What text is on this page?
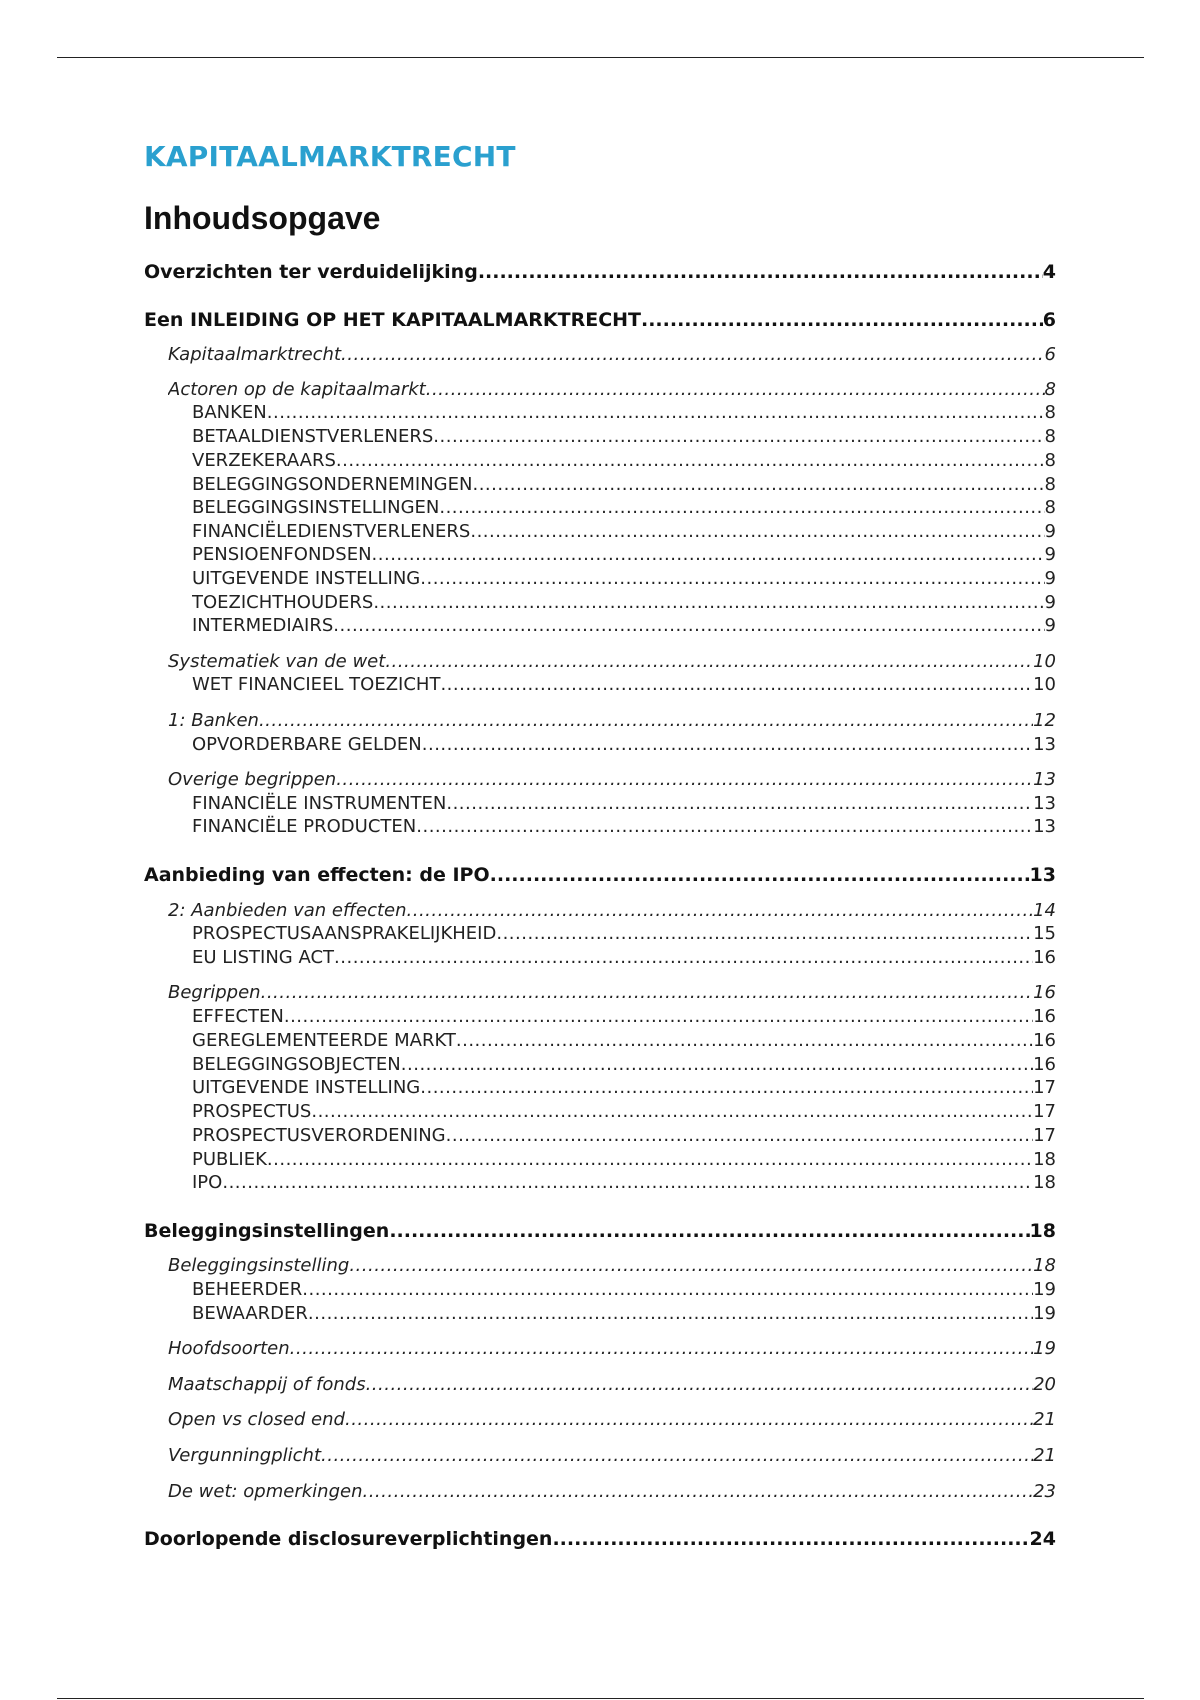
KAPITAALMARKTRECHT
Inhoudsopgave
Overzichten ter verduidelijking .....	4
Een INLEIDING OP HET KAPITAALMARKTRECHT .....	6
Kapitaalmarktrecht .....	6
Actoren op de kapitaalmarkt .....	8
BANKEN .....	8
BETAALDIENSTVERLENERS .....	8
VERZEKERAARS .....	8
BELEGGINGSONDERNEMINGEN .....	8
BELEGGINGSINSTELLINGEN .....	8
FINANCIËLEDIENSTVERLENERS .....	9
PENSIOENFONDSEN .....	9
UITGEVENDE INSTELLING .....	9
TOEZICHTHOUDERS .....	9
INTERMEDIAIRS .....	9
Systematiek van de wet .....	10
WET FINANCIEEL TOEZICHT .....	10
1: Banken .....	12
OPVORDERBARE GELDEN .....	13
Overige begrippen .....	13
FINANCIËLE INSTRUMENTEN .....	13
FINANCIËLE PRODUCTEN .....	13
Aanbieding van effecten: de IPO .....	13
2: Aanbieden van effecten .....	14
PROSPECTUSAANSPRAKELIJKHEID .....	15
EU LISTING ACT .....	16
Begrippen .....	16
EFFECTEN .....	16
GEREGLEMENTEERDE MARKT .....	16
BELEGGINGSOBJECTEN .....	16
UITGEVENDE INSTELLING .....	17
PROSPECTUS .....	17
PROSPECTUSVERORDENING .....	17
PUBLIEK .....	18
IPO .....	18
Beleggingsinstellingen .....	18
Beleggingsinstelling .....	18
BEHEERDER .....	19
BEWAARDER .....	19
Hoofdsoorten .....	19
Maatschappij of fonds .....	20
Open vs closed end .....	21
Vergunningplicht .....	21
De wet: opmerkingen .....	23
Doorlopende disclosureverplichtingen .....	24
